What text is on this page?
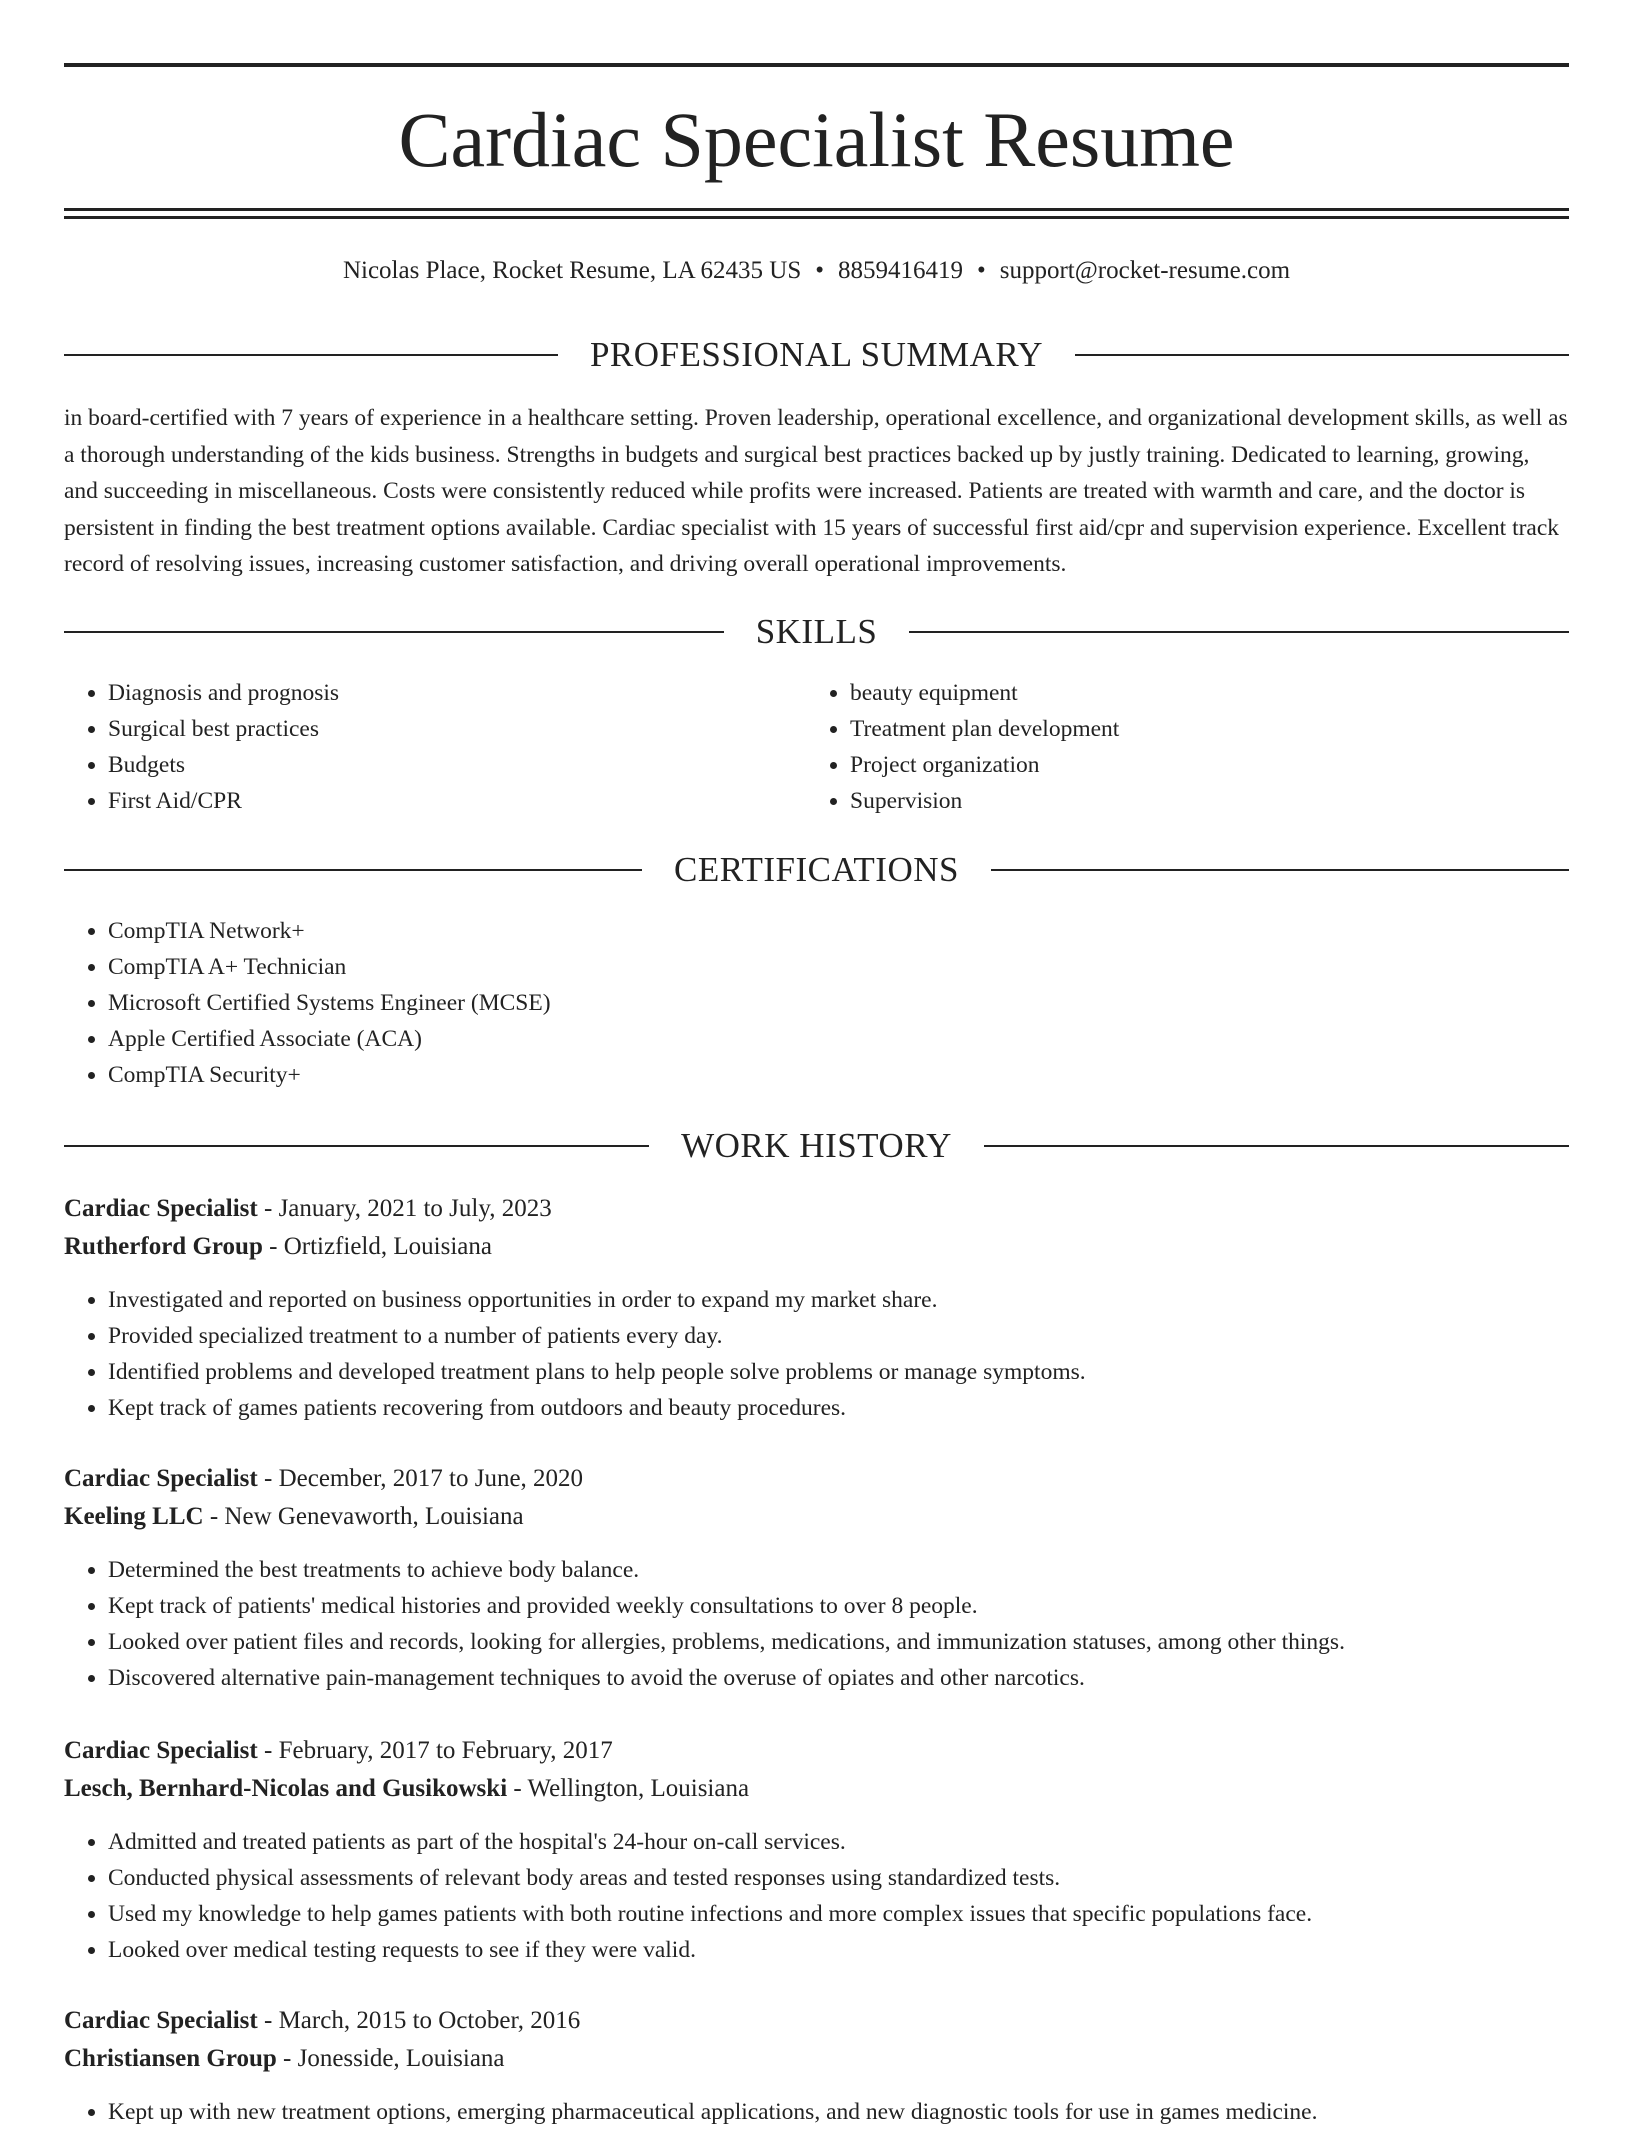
Cardiac Specialist Resume
Nicolas Place, Rocket Resume, LA 62435 US • 8859416419 • support@rocket-resume.com
PROFESSIONAL SUMMARY

in board-certified with 7 years of experience in a healthcare setting. Proven leadership, operational excellence, and organizational development skills, as well as a thorough understanding of the kids business. Strengths in budgets and surgical best practices backed up by justly training. Dedicated to learning, growing, and succeeding in miscellaneous. Costs were consistently reduced while profits were increased. Patients are treated with warmth and care, and the doctor is persistent in finding the best treatment options available. Cardiac specialist with 15 years of successful first aid/cpr and supervision experience. Excellent track record of resolving issues, increasing customer satisfaction, and driving overall operational improvements.

SKILLS
• Diagnosis and prognosis
• Surgical best practices
• Budgets
• First Aid/CPR
• beauty equipment
• Treatment plan development
• Project organization
• Supervision
CERTIFICATIONS
• CompTIA Network+
• CompTIA A+ Technician
• Microsoft Certified Systems Engineer (MCSE)
• Apple Certified Associate (ACA)
• CompTIA Security+
WORK HISTORY
Cardiac Specialist - January, 2021 to July, 2023
Rutherford Group - Ortizfield, Louisiana
• Investigated and reported on business opportunities in order to expand my market share.
• Provided specialized treatment to a number of patients every day.
• Identified problems and developed treatment plans to help people solve problems or manage symptoms.
• Kept track of games patients recovering from outdoors and beauty procedures.
Cardiac Specialist - December, 2017 to June, 2020
Keeling LLC - New Genevaworth, Louisiana
• Determined the best treatments to achieve body balance.
• Kept track of patients' medical histories and provided weekly consultations to over 8 people.
• Looked over patient files and records, looking for allergies, problems, medications, and immunization statuses, among other things.
• Discovered alternative pain-management techniques to avoid the overuse of opiates and other narcotics.
Cardiac Specialist - February, 2017 to February, 2017
Lesch, Bernhard-Nicolas and Gusikowski - Wellington, Louisiana
• Admitted and treated patients as part of the hospital's 24-hour on-call services.
• Conducted physical assessments of relevant body areas and tested responses using standardized tests.
• Used my knowledge to help games patients with both routine infections and more complex issues that specific populations face.
• Looked over medical testing requests to see if they were valid.
Cardiac Specialist - March, 2015 to October, 2016
Christiansen Group - Jonesside, Louisiana
• Kept up with new treatment options, emerging pharmaceutical applications, and new diagnostic tools for use in games medicine.
